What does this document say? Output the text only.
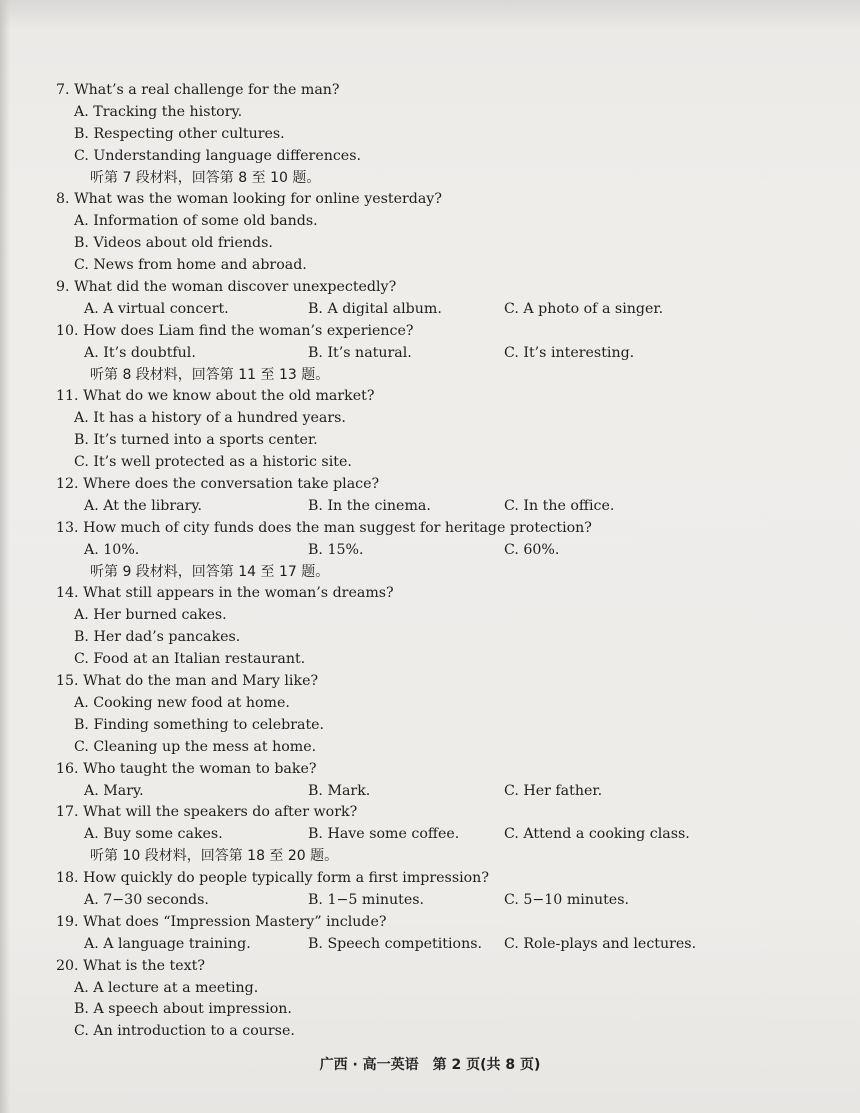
7. What’s a real challenge for the man?
A. Tracking the history.
B. Respecting other cultures.
C. Understanding language differences.
听第 7 段材料，回答第 8 至 10 题。
8. What was the woman looking for online yesterday?
A. Information of some old bands.
B. Videos about old friends.
C. News from home and abroad.
9. What did the woman discover unexpectedly?
A. A virtual concert.	B. A digital album.	C. A photo of a singer.
10. How does Liam find the woman’s experience?
A. It’s doubtful.	B. It’s natural.	C. It’s interesting.
听第 8 段材料，回答第 11 至 13 题。
11. What do we know about the old market?
A. It has a history of a hundred years.
B. It’s turned into a sports center.
C. It’s well protected as a historic site.
12. Where does the conversation take place?
A. At the library.	B. In the cinema.	C. In the office.
13. How much of city funds does the man suggest for heritage protection?
A. 10%.	B. 15%.	C. 60%.
听第 9 段材料，回答第 14 至 17 题。
14. What still appears in the woman’s dreams?
A. Her burned cakes.
B. Her dad’s pancakes.
C. Food at an Italian restaurant.
15. What do the man and Mary like?
A. Cooking new food at home.
B. Finding something to celebrate.
C. Cleaning up the mess at home.
16. Who taught the woman to bake?
A. Mary.	B. Mark.	C. Her father.
17. What will the speakers do after work?
A. Buy some cakes.	B. Have some coffee.	C. Attend a cooking class.
听第 10 段材料，回答第 18 至 20 题。
18. How quickly do people typically form a first impression?
A. 7−30 seconds.	B. 1−5 minutes.	C. 5−10 minutes.
19. What does “Impression Mastery” include?
A. A language training.	B. Speech competitions. C. Role-plays and lectures.
20. What is the text?
A. A lecture at a meeting.
B. A speech about impression.
C. An introduction to a course.
广西 · 高一英语　第 2 页(共 8 页)
